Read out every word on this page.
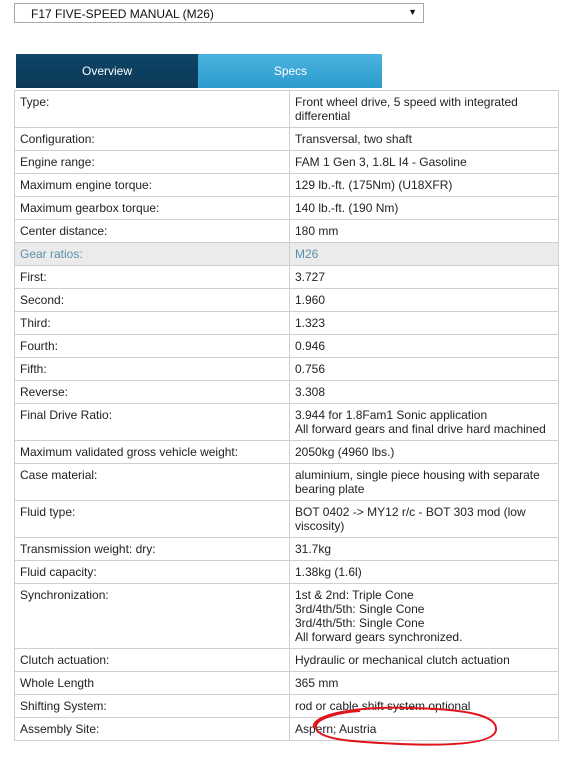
F17 FIVE-SPEED MANUAL (M26)	▼
Overview	Specs
Type:	Front wheel drive, 5 speed with integrated
differential

Configuration:	Transversal, two shaft

Engine range:	FAM 1 Gen 3, 1.8L I4 - Gasoline

Maximum engine torque:	129 lb.-ft. (175Nm) (U18XFR)

Maximum gearbox torque:	140 lb.-ft. (190 Nm)

Center distance:	180 mm

Gear ratios:	M26

First:	3.727

Second:	1.960

Third:	1.323

Fourth:	0.946

Fifth:	0.756

Reverse:	3.308

Final Drive Ratio:	3.944 for 1.8Fam1 Sonic application
All forward gears and final drive hard machined

Maximum validated gross vehicle weight:	2050kg (4960 lbs.)

Case material:	aluminium, single piece housing with separate
bearing plate

Fluid type:	BOT 0402 -> MY12 r/c - BOT 303 mod (low
viscosity)

Transmission weight: dry:	31.7kg

Fluid capacity:	1.38kg (1.6l)

Synchronization:	1st & 2nd: Triple Cone
3rd/4th/5th: Single Cone
3rd/4th/5th: Single Cone
All forward gears synchronized.

Clutch actuation:	Hydraulic or mechanical clutch actuation

Whole Length	365 mm

Shifting System:	rod or cable shift system optional

Assembly Site:	Aspern; Austria
